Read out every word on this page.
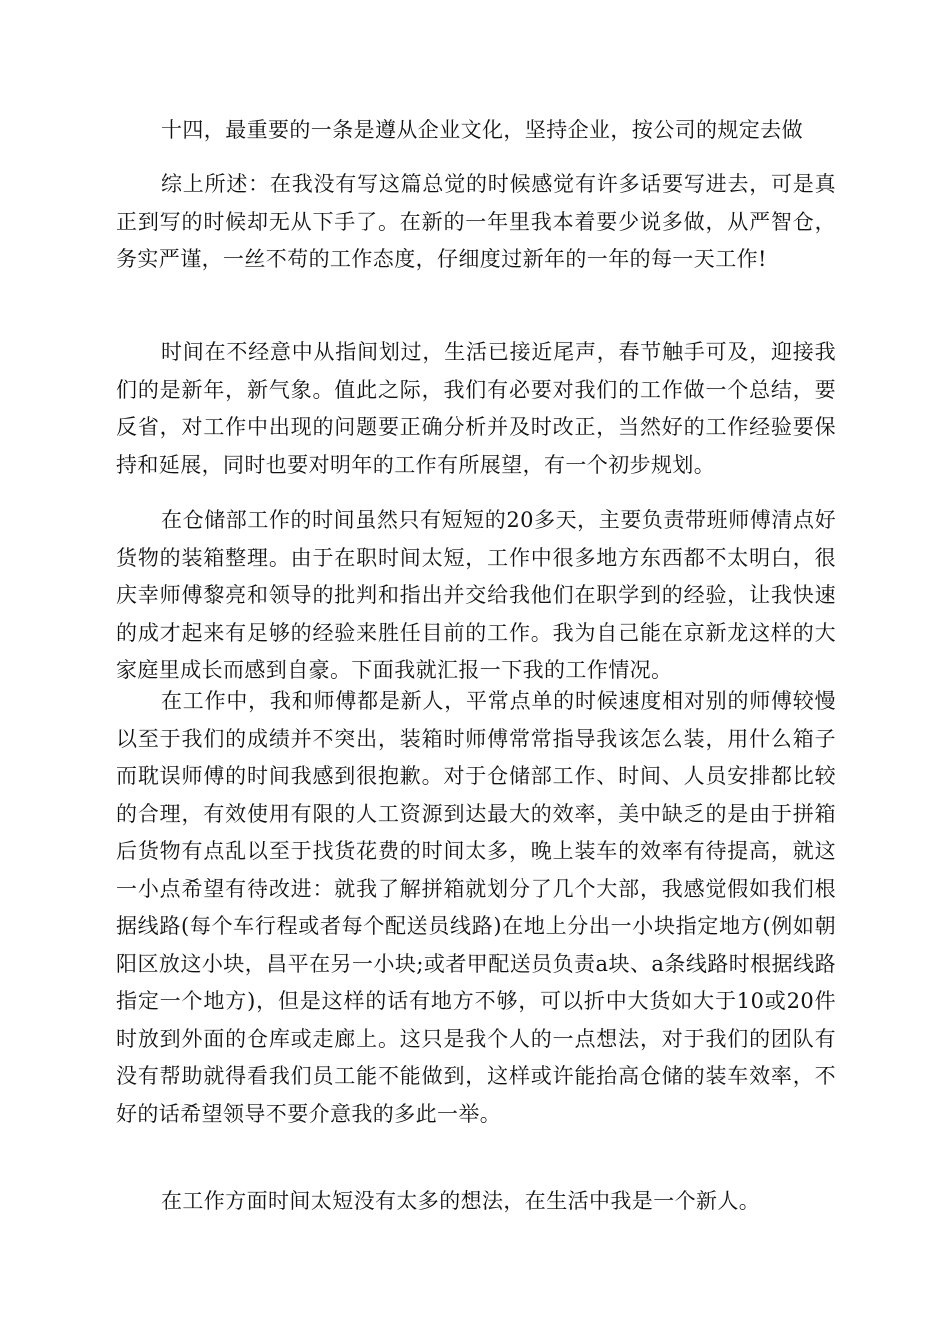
十四，最重要的一条是遵从企业文化，坚持企业，按公司的规定去做

综上所述：在我没有写这篇总觉的时候感觉有许多话要写进去，可是真正到写的时候却无从下手了。在新的一年里我本着要少说多做，从严智仓，务实严谨，一丝不苟的工作态度，仔细度过新年的一年的每一天工作!

时间在不经意中从指间划过，生活已接近尾声，春节触手可及，迎接我们的是新年，新气象。值此之际，我们有必要对我们的工作做一个总结，要反省，对工作中出现的问题要正确分析并及时改正，当然好的工作经验要保持和延展，同时也要对明年的工作有所展望，有一个初步规划。

在仓储部工作的时间虽然只有短短的20多天，主要负责带班师傅清点好货物的装箱整理。由于在职时间太短，工作中很多地方东西都不太明白，很庆幸师傅黎亮和领导的批判和指出并交给我他们在职学到的经验，让我快速的成才起来有足够的经验来胜任目前的工作。我为自己能在京新龙这样的大家庭里成长而感到自豪。下面我就汇报一下我的工作情况。

在工作中，我和师傅都是新人，平常点单的时候速度相对别的师傅较慢以至于我们的成绩并不突出，装箱时师傅常常指导我该怎么装，用什么箱子而耽误师傅的时间我感到很抱歉。对于仓储部工作、时间、人员安排都比较的合理，有效使用有限的人工资源到达最大的效率，美中缺乏的是由于拼箱后货物有点乱以至于找货花费的时间太多，晚上装车的效率有待提高，就这一小点希望有待改进：就我了解拼箱就划分了几个大部，我感觉假如我们根据线路(每个车行程或者每个配送员线路)在地上分出一小块指定地方(例如朝阳区放这小块，昌平在另一小块;或者甲配送员负责a块、a条线路时根据线路指定一个地方)，但是这样的话有地方不够，可以折中大货如大于10或20件时放到外面的仓库或走廊上。这只是我个人的一点想法，对于我们的团队有没有帮助就得看我们员工能不能做到，这样或许能抬高仓储的装车效率，不好的话希望领导不要介意我的多此一举。

在工作方面时间太短没有太多的想法，在生活中我是一个新人。
